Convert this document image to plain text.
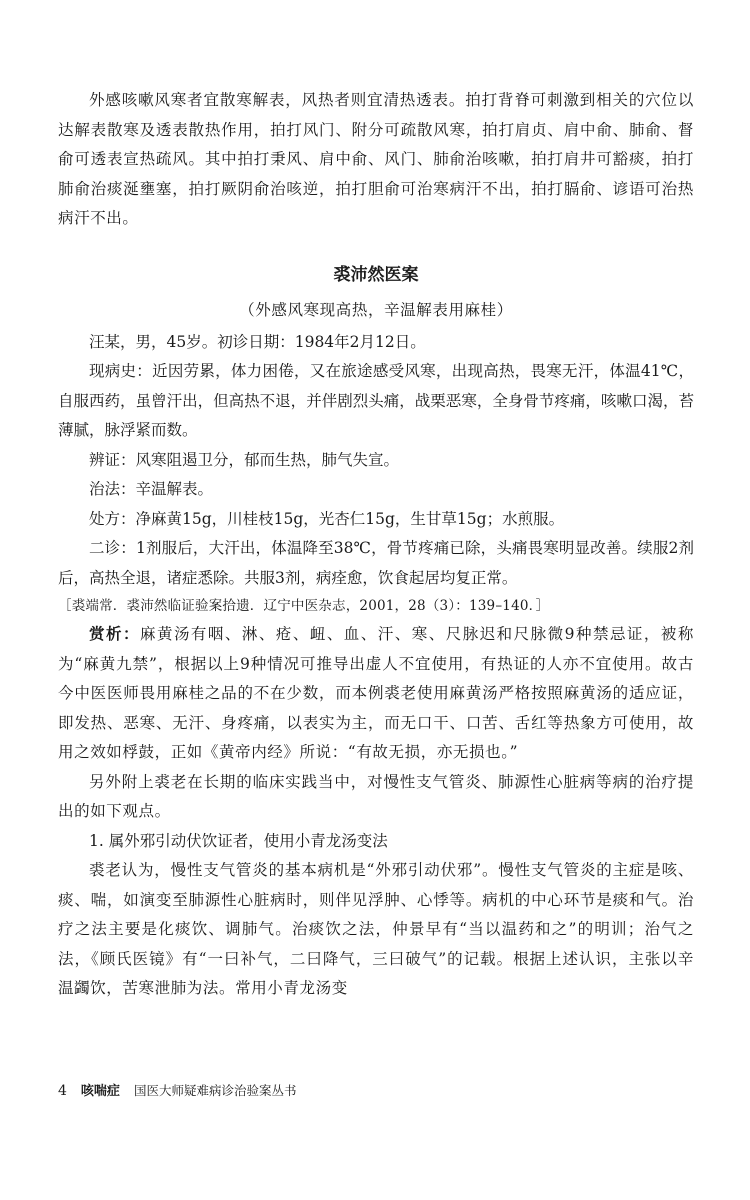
外感咳嗽风寒者宜散寒解表，风热者则宜清热透表。拍打背脊可刺激到相关的穴位以达解表散寒及透表散热作用，拍打风门、附分可疏散风寒，拍打肩贞、肩中俞、肺俞、督俞可透表宣热疏风。其中拍打秉风、肩中俞、风门、肺俞治咳嗽，拍打肩井可豁痰，拍打肺俞治痰涎壅塞，拍打厥阴俞治咳逆，拍打胆俞可治寒病汗不出，拍打膈俞、谚语可治热病汗不出。

裘沛然医案
（外感风寒现高热，辛温解表用麻桂）

汪某，男，45岁。初诊日期：1984年2月12日。

现病史：近因劳累，体力困倦，又在旅途感受风寒，出现高热，畏寒无汗，体温41℃，自服西药，虽曾汗出，但高热不退，并伴剧烈头痛，战栗恶寒，全身骨节疼痛，咳嗽口渴，苔薄腻，脉浮紧而数。

辨证：风寒阻遏卫分，郁而生热，肺气失宣。

治法：辛温解表。

处方：净麻黄15g，川桂枝15g，光杏仁15g，生甘草15g；水煎服。

二诊：1剂服后，大汗出，体温降至38℃，骨节疼痛已除，头痛畏寒明显改善。续服2剂后，高热全退，诸症悉除。共服3剂，病痊愈，饮食起居均复正常。

［裘端常．裘沛然临证验案拾遗．辽宁中医杂志，2001，28（3）：139–140．］

赏析：麻黄汤有咽、淋、疮、衄、血、汗、寒、尺脉迟和尺脉微9种禁忌证，被称为“麻黄九禁”，根据以上9种情况可推导出虚人不宜使用，有热证的人亦不宜使用。故古今中医医师畏用麻桂之品的不在少数，而本例裘老使用麻黄汤严格按照麻黄汤的适应证，即发热、恶寒、无汗、身疼痛，以表实为主，而无口干、口苦、舌红等热象方可使用，故用之效如桴鼓，正如《黄帝内经》所说：“有故无损，亦无损也。”

另外附上裘老在长期的临床实践当中，对慢性支气管炎、肺源性心脏病等病的治疗提出的如下观点。

1. 属外邪引动伏饮证者，使用小青龙汤变法

裘老认为，慢性支气管炎的基本病机是“外邪引动伏邪”。慢性支气管炎的主症是咳、痰、喘，如演变至肺源性心脏病时，则伴见浮肿、心悸等。病机的中心环节是痰和气。治疗之法主要是化痰饮、调肺气。治痰饮之法，仲景早有“当以温药和之”的明训；治气之法，《顾氏医镜》有“一曰补气，二曰降气，三曰破气”的记载。根据上述认识，主张以辛温蠲饮，苦寒泄肺为法。常用小青龙汤变

4 咳喘症 国医大师疑难病诊治验案丛书
